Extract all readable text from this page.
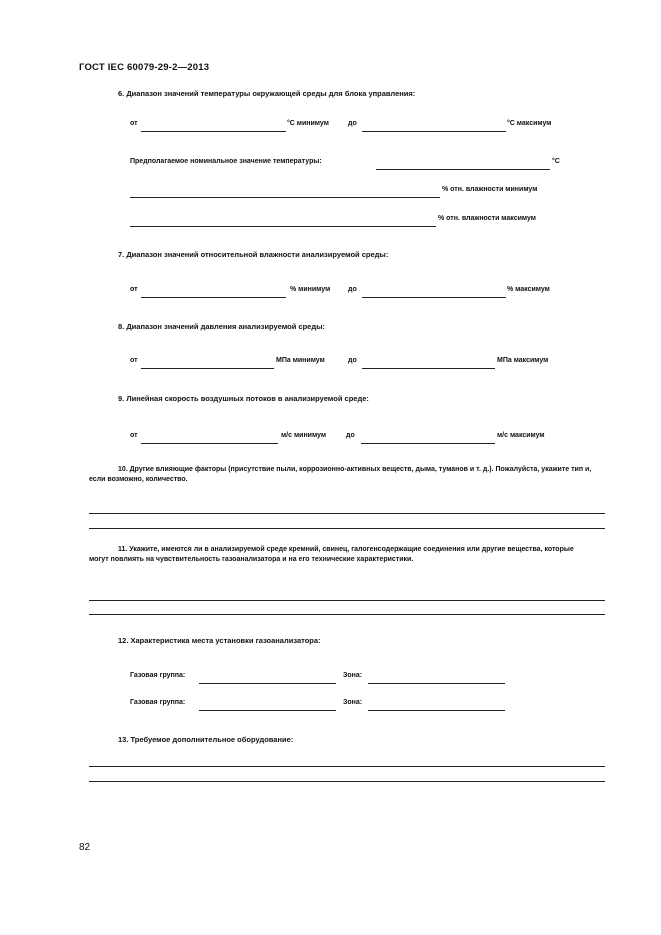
ГОСТ IEC 60079-29-2—2013
6. Диапазон значений температуры окружающей среды для блока управления:
от	°С минимум	до	°С максимум
Предполагаемое номинальное значение температуры:	°С
% отн. влажности минимум
% отн. влажности максимум
7. Диапазон значений относительной влажности анализируемой среды:
от	% минимум	до	% максимум
8. Диапазон значений давления анализируемой среды:
от	МПа минимум	до	МПа максимум
9. Линейная скорость воздушных потоков в анализируемой среде:
от	м/с минимум	до	м/с максимум
10. Другие влияющие факторы (присутствие пыли, коррозионно-активных веществ, дыма, туманов и т. д.). Пожалуйста, укажите тип и, если возможно, количество.
11. Укажите, имеются ли в анализируемой среде кремний, свинец, галогенсодержащие соединения или другие вещества, которые могут повлиять на чувствительность газоанализатора и на его технические характеристики.
12. Характеристика места установки газоанализатора:
Газовая группа:	Зона:
Газовая группа:	Зона:
13. Требуемое дополнительное оборудование:
82
